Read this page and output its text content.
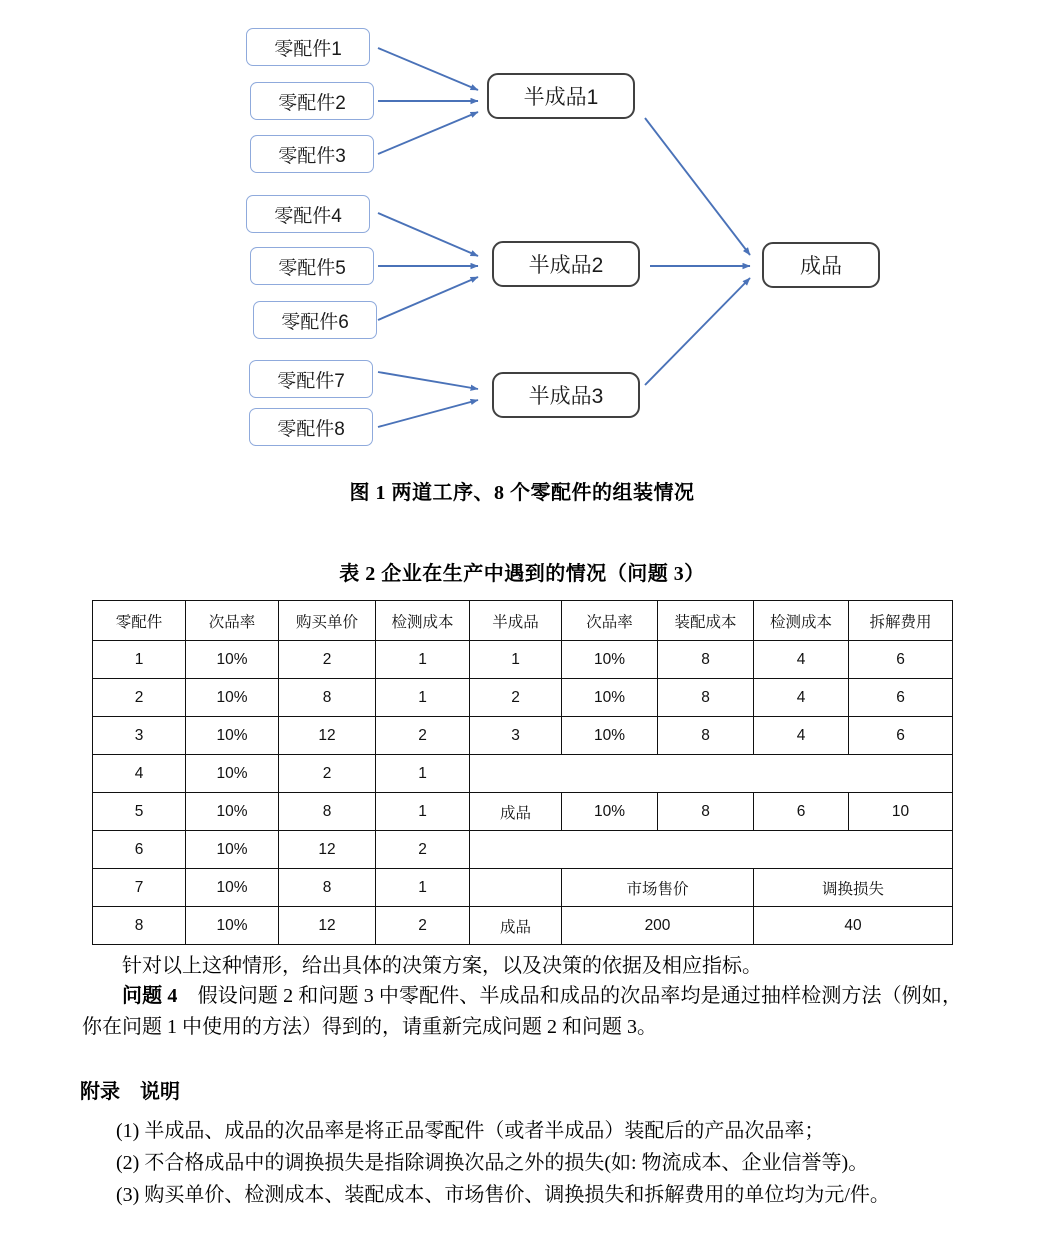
零配件1
零配件2
零配件3
零配件4
零配件5
零配件6
零配件7
零配件8
半成品1
半成品2
半成品3
成品
图 1 两道工序、8 个零配件的组装情况
表 2 企业在生产中遇到的情况（问题 3）
零配件	次品率	购买单价	检测成本	半成品	次品率	装配成本	检测成本	拆解费用
1	10%	2	1	1	10%	8	4	6
2	10%	8	1	2	10%	8	4	6
3	10%	12	2	3	10%	8	4	6
4	10%	2	1					
5	10%	8	1	成品	10%	8	6	10
6	10%	12	2					
7	10%	8	1		市场售价		调换损失	
8	10%	12	2	成品	200		40	

针对以上这种情形，给出具体的决策方案，以及决策的依据及相应指标。

问题 4　 假设问题 2 和问题 3 中零配件、半成品和成品的次品率均是通过抽样检测方法（例如，你在问题 1 中使用的方法）得到的，请重新完成问题 2 和问题 3。

附录　说明
(1) 半成品、成品的次品率是将正品零配件（或者半成品）装配后的产品次品率；
(2) 不合格成品中的调换损失是指除调换次品之外的损失(如: 物流成本、企业信誉等)。
(3) 购买单价、检测成本、装配成本、市场售价、调换损失和拆解费用的单位均为元/件。
